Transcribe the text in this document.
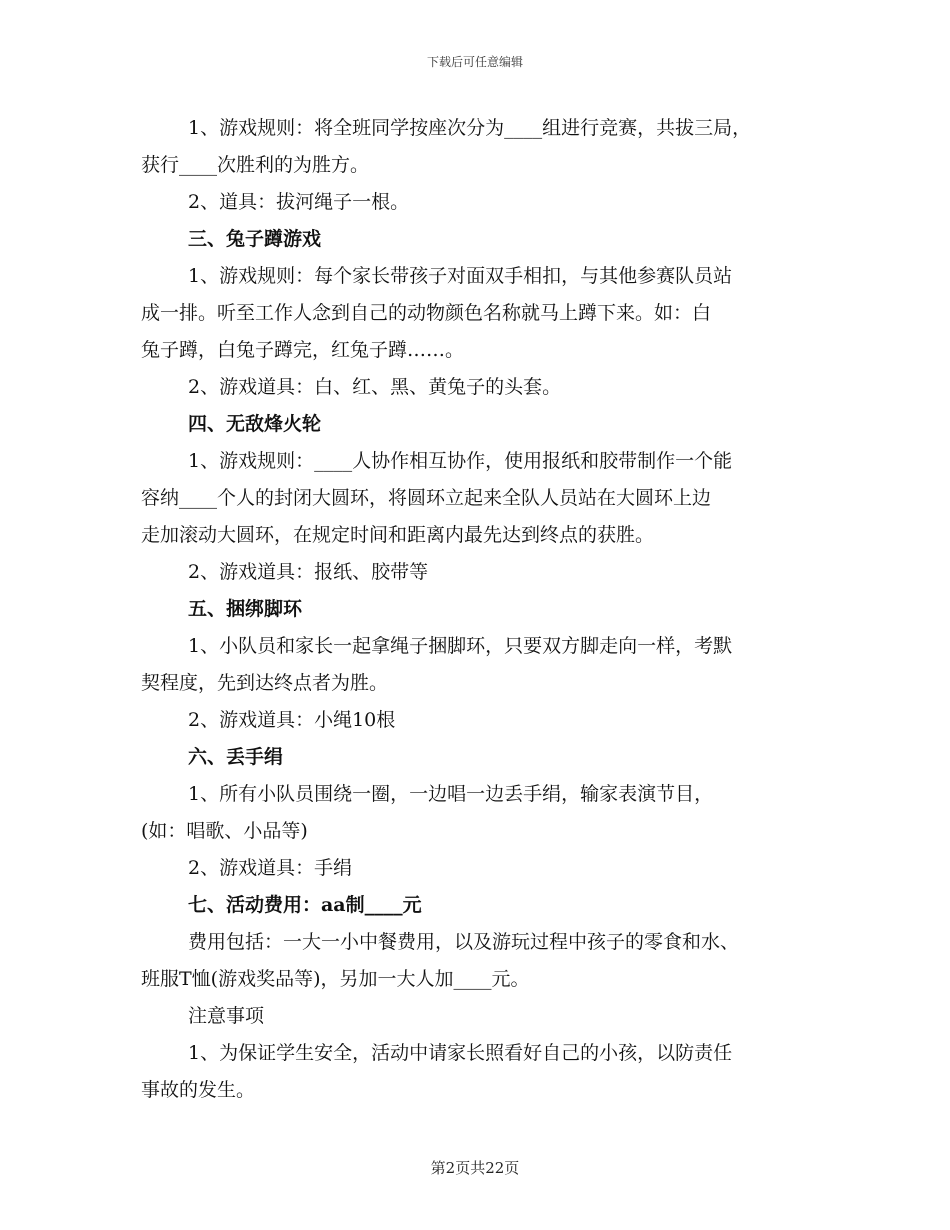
下载后可任意编辑
1、游戏规则：将全班同学按座次分为____组进行竞赛，共拔三局，
获行____次胜利的为胜方。
2、道具：拔河绳子一根。
三、兔子蹲游戏
1、游戏规则：每个家长带孩子对面双手相扣，与其他参赛队员站
成一排。听至工作人念到自己的动物颜色名称就马上蹲下来。如：白
兔子蹲，白兔子蹲完，红兔子蹲……。
2、游戏道具：白、红、黑、黄兔子的头套。
四、无敌烽火轮
1、游戏规则：____人协作相互协作，使用报纸和胶带制作一个能
容纳____个人的封闭大圆环，将圆环立起来全队人员站在大圆环上边
走加滚动大圆环，在规定时间和距离内最先达到终点的获胜。
2、游戏道具：报纸、胶带等
五、捆绑脚环
1、小队员和家长一起拿绳子捆脚环，只要双方脚走向一样，考默
契程度，先到达终点者为胜。
2、游戏道具：小绳10根
六、丢手绢
1、所有小队员围绕一圈，一边唱一边丢手绢，输家表演节目，
(如：唱歌、小品等)
2、游戏道具：手绢
七、活动费用：aa制____元
费用包括：一大一小中餐费用，以及游玩过程中孩子的零食和水、
班服T恤(游戏奖品等)，另加一大人加____元。
注意事项
1、为保证学生安全，活动中请家长照看好自己的小孩，以防责任
事故的发生。
第2页共22页
